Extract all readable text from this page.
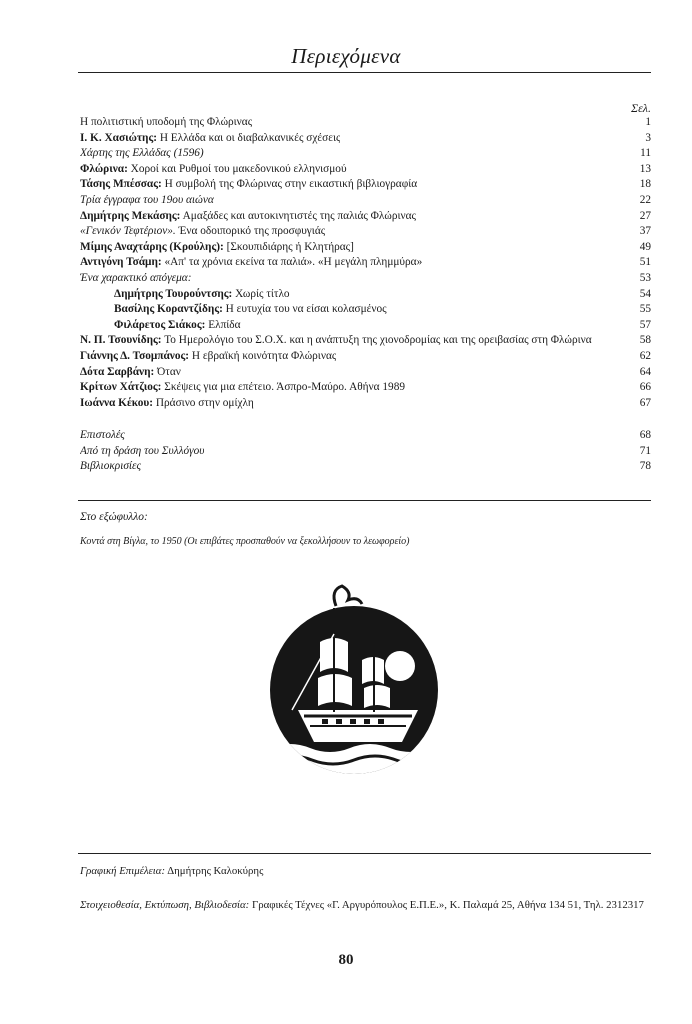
Περιεχόμενα
Σελ.
Η πολιτιστική υποδομή της Φλώρινας	1
Ι. Κ. Χασιώτης: Η Ελλάδα και οι διαβαλκανικές σχέσεις	3
Χάρτης της Ελλάδας (1596)	11
Φλώρινα: Χοροί και Ρυθμοί του μακεδονικού ελληνισμού	13
Τάσης Μπέσσας: Η συμβολή της Φλώρινας στην εικαστική βιβλιογραφία	18
Τρία έγγραφα του 19ου αιώνα	22
Δημήτρης Μεκάσης: Αμαξάδες και αυτοκινητιστές της παλιάς Φλώρινας	27
«Γενικόν Τεφτέριον». Ένα οδοιπορικό της προσφυγιάς	37
Μίμης Αναχτάρης (Κρούλης): [Σκουπιδιάρης ή Κλητήρας]	49
Αντιγόνη Τσάμη: «Απ' τα χρόνια εκείνα τα παλιά». «Η μεγάλη πλημμύρα»	51
Ένα χαρακτικό απόγεμα:	53
Δημήτρης Τουρούντσης: Χωρίς τίτλο	54
Βασίλης Κοραντζίδης: Η ευτυχία του να είσαι κολασμένος	55
Φιλάρετος Σιάκος: Ελπίδα	57
Ν. Π. Τσουνίδης: Το Ημερολόγιο του Σ.Ο.Χ. και η ανάπτυξη της χιονοδρομίας και της ορειβασίας στη Φλώρινα	58
Γιάννης Δ. Τσομπάνος: Η εβραϊκή κοινότητα Φλώρινας	62
Δότα Σαρβάνη: Όταν	64
Κρίτων Χάτζιος: Σκέψεις για μια επέτειο. Άσπρο-Μαύρο. Αθήνα 1989	66
Ιωάννα Κέκου: Πράσινο στην ομίχλη	67
Επιστολές	68
Από τη δράση του Συλλόγου	71
Βιβλιοκρισίες	78
Στο εξώφυλλο:
Κοντά στη Βίγλα, το 1950 (Οι επιβάτες προσπαθούν να ξεκολλήσουν το λεωφορείο)
Γραφική Επιμέλεια: Δημήτρης Καλοκύρης
Στοιχειοθεσία, Εκτύπωση, Βιβλιοδεσία: Γραφικές Τέχνες «Γ. Αργυρόπουλος Ε.Π.Ε.», Κ. Παλαμά 25, Αθήνα 134 51, Τηλ. 2312317
80
